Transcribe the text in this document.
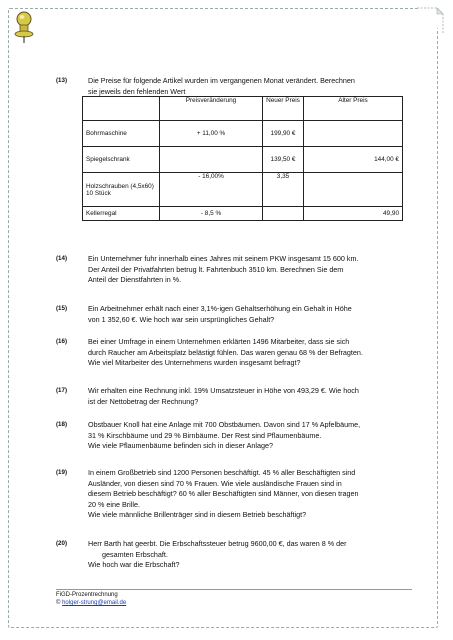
(13)	Die Preise für folgende Artikel wurden im vergangenen Monat verändert. Berechnen
sie jeweils den fehlenden Wert
	Preisveränderung	Neuer Preis	Alter Preis
Bohrmaschine	+ 11,00 %	199,90 €	
Spiegelschrank		139,50 €	144,00 €
Holzschrauben (4,5x60) 10 Stück	- 16,00%	3,35	
Kellerregal	- 8,5 %		49,90
(14)	Ein Unternehmer fuhr innerhalb eines Jahres mit seinem PKW insgesamt 15 600 km.
Der Anteil der Privatfahrten betrug lt. Fahrtenbuch 3510 km. Berechnen Sie dem
Anteil der Dienstfahrten in %.
(15)	Ein Arbeitnehmer erhält nach einer 3,1%-igen Gehaltserhöhung ein Gehalt in Höhe
von 1 352,60 €. Wie hoch war sein ursprüngliches Gehalt?
(16)	Bei einer Umfrage in einem Unternehmen erklärten 1496 Mitarbeiter, dass sie sich
durch Raucher am Arbeitsplatz belästigt fühlen. Das waren genau 68 % der Befragten.
Wie viel Mitarbeiter des Unternehmens wurden insgesamt befragt?
(17)	Wir erhalten eine Rechnung inkl. 19% Umsatzsteuer in Höhe von 493,29 €. Wie hoch
ist der Nettobetrag der Rechnung?
(18)	Obstbauer Knoll hat eine Anlage mit 700 Obstbäumen. Davon sind 17 % Apfelbäume,
31 % Kirschbäume und 29 % Birnbäume. Der Rest sind Pflaumenbäume.
Wie viele Pflaumenbäume befinden sich in dieser Anlage?
(19)	In einem Großbetrieb sind 1200 Personen beschäftigt. 45 % aller Beschäftigten sind
Ausländer, von diesen sind 70 % Frauen. Wie viele ausländische Frauen sind in
diesem Betrieb beschäftigt? 60 % aller Beschäftigten sind Männer, von diesen tragen
20 % eine Brille.
Wie viele männliche Brillenträger sind in diesem Betrieb beschäftigt?
(20)	Herr Barth hat geerbt. Die Erbschaftssteuer betrug 9600,00 €, das waren 8 % der
gesamten Erbschaft.
Wie hoch war die Erbschaft?
FiGD-Prozentrechnung
© holger-strung@email.de
